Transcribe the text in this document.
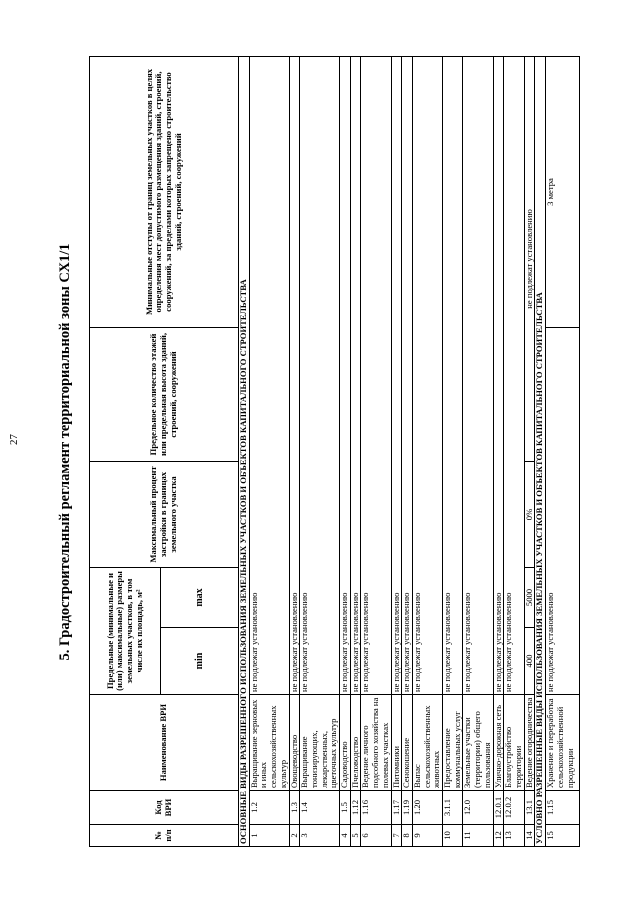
27	5. Градостроительный регламент территориальной зоны СХ1/1
№ п/п	Код ВРИ	Наименование ВРИ	Предельные (минимальные и (или) максимальные) размеры земельных участков, в том числе их площадь, м²		Максимальный процент застройки в границах земельного участка	Предельное количество этажей или предельная высота зданий, строений, сооружений	Минимальные отступы от границ земельных участков в целях определения мест допустимого размещения зданий, строений, сооружений, за пределами которых запрещено строительство зданий, строений, сооружений
			min	max			
ОСНОВНЫЕ ВИДЫ РАЗРЕШЕННОГО ИСПОЛЬЗОВАНИЯ ЗЕМЕЛЬНЫХ УЧАСТКОВ И ОБЪЕКТОВ КАПИТАЛЬНОГО СТРОИТЕЛЬСТВА							
1	1.2	Выращивание зерновых и иных сельскохозяйственных культур	не подлежат установлению				
2	1.3	Овощеводство	не подлежат установлению				
3	1.4	Выращивание тонизирующих, лекарственных, цветочных культур	не подлежат установлению				
4	1.5	Садоводство	не подлежат установлению				
5	1.12	Пчеловодство	не подлежат установлению				
6	1.16	Ведение личного подсобного хозяйства на полевых участках	не подлежат установлению				
7	1.17	Питомники	не подлежат установлению				
8	1.19	Сенокошение	не подлежат установлению				
9	1.20	Выпас сельскохозяйственных животных	не подлежат установлению				
10	3.1.1	Предоставление коммунальных услуг	не подлежат установлению				
11	12.0	Земельные участки (территории) общего пользования	не подлежат установлению				
12	12.0.1	Улично-дорожная сеть	не подлежат установлению				
13	12.0.2	Благоустройство территории	не подлежат установлению				
14	13.1	Ведение огородничества	400	5000	0%	не подлежат установлению	
УСЛОВНО РАЗРЕШЕННЫЕ ВИДЫ ИСПОЛЬЗОВАНИЯ ЗЕМЕЛЬНЫХ УЧАСТКОВ И ОБЪЕКТОВ КАПИТАЛЬНОГО СТРОИТЕЛЬСТВА							
15	1.15	Хранение и переработка сельскохозяйственной продукции	не подлежат установлению				3 метра
